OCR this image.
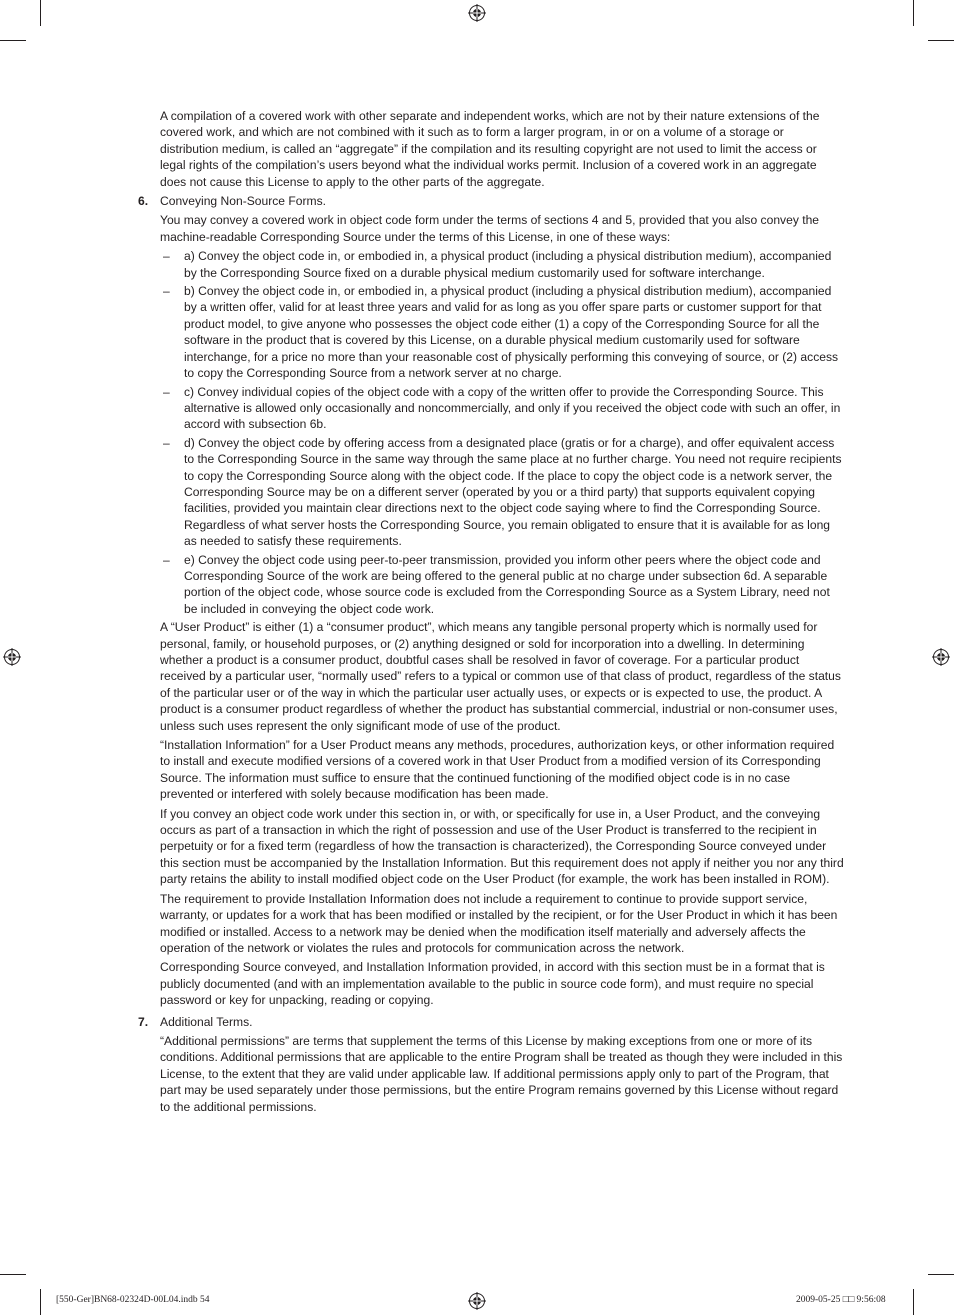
A compilation of a covered work with other separate and independent works, which are not by their nature extensions of the covered work, and which are not combined with it such as to form a larger program, in or on a volume of a storage or distribution medium, is called an “aggregate” if the compilation and its resulting copyright are not used to limit the access or legal rights of the compilation’s users beyond what the individual works permit. Inclusion of a covered work in an aggregate does not cause this License to apply to the other parts of the aggregate.

6. Conveying Non-Source Forms.

You may convey a covered work in object code form under the terms of sections 4 and 5, provided that you also convey the machine-readable Corresponding Source under the terms of this License, in one of these ways:

– a) Convey the object code in, or embodied in, a physical product (including a physical distribution medium), accompanied by the Corresponding Source fixed on a durable physical medium customarily used for software interchange.
– b) Convey the object code in, or embodied in, a physical product (including a physical distribution medium), accompanied by a written offer, valid for at least three years and valid for as long as you offer spare parts or customer support for that product model, to give anyone who possesses the object code either (1) a copy of the Corresponding Source for all the software in the product that is covered by this License, on a durable physical medium customarily used for software interchange, for a price no more than your reasonable cost of physically performing this conveying of source, or (2) access to copy the Corresponding Source from a network server at no charge.
– c) Convey individual copies of the object code with a copy of the written offer to provide the Corresponding Source. This alternative is allowed only occasionally and noncommercially, and only if you received the object code with such an offer, in accord with subsection 6b.
– d) Convey the object code by offering access from a designated place (gratis or for a charge), and offer equivalent access to the Corresponding Source in the same way through the same place at no further charge. You need not require recipients to copy the Corresponding Source along with the object code. If the place to copy the object code is a network server, the Corresponding Source may be on a different server (operated by you or a third party) that supports equivalent copying facilities, provided you maintain clear directions next to the object code saying where to find the Corresponding Source. Regardless of what server hosts the Corresponding Source, you remain obligated to ensure that it is available for as long as needed to satisfy these requirements.
– e) Convey the object code using peer-to-peer transmission, provided you inform other peers where the object code and Corresponding Source of the work are being offered to the general public at no charge under subsection 6d. A separable portion of the object code, whose source code is excluded from the Corresponding Source as a System Library, need not be included in conveying the object code work.

A “User Product” is either (1) a “consumer product”, which means any tangible personal property which is normally used for personal, family, or household purposes, or (2) anything designed or sold for incorporation into a dwelling. In determining whether a product is a consumer product, doubtful cases shall be resolved in favor of coverage. For a particular product received by a particular user, “normally used” refers to a typical or common use of that class of product, regardless of the status of the particular user or of the way in which the particular user actually uses, or expects or is expected to use, the product. A product is a consumer product regardless of whether the product has substantial commercial, industrial or non-consumer uses, unless such uses represent the only significant mode of use of the product.

“Installation Information” for a User Product means any methods, procedures, authorization keys, or other information required to install and execute modified versions of a covered work in that User Product from a modified version of its Corresponding Source. The information must suffice to ensure that the continued functioning of the modified object code is in no case prevented or interfered with solely because modification has been made.

If you convey an object code work under this section in, or with, or specifically for use in, a User Product, and the conveying occurs as part of a transaction in which the right of possession and use of the User Product is transferred to the recipient in perpetuity or for a fixed term (regardless of how the transaction is characterized), the Corresponding Source conveyed under this section must be accompanied by the Installation Information. But this requirement does not apply if neither you nor any third party retains the ability to install modified object code on the User Product (for example, the work has been installed in ROM).

The requirement to provide Installation Information does not include a requirement to continue to provide support service, warranty, or updates for a work that has been modified or installed by the recipient, or for the User Product in which it has been modified or installed. Access to a network may be denied when the modification itself materially and adversely affects the operation of the network or violates the rules and protocols for communication across the network.

Corresponding Source conveyed, and Installation Information provided, in accord with this section must be in a format that is publicly documented (and with an implementation available to the public in source code form), and must require no special password or key for unpacking, reading or copying.

7. Additional Terms.

“Additional permissions” are terms that supplement the terms of this License by making exceptions from one or more of its conditions. Additional permissions that are applicable to the entire Program shall be treated as though they were included in this License, to the extent that they are valid under applicable law. If additional permissions apply only to part of the Program, that part may be used separately under those permissions, but the entire Program remains governed by this License without regard to the additional permissions.

[550-Ger]BN68-02324D-00L04.indb 54	2009-05-25 □□ 9:56:08
